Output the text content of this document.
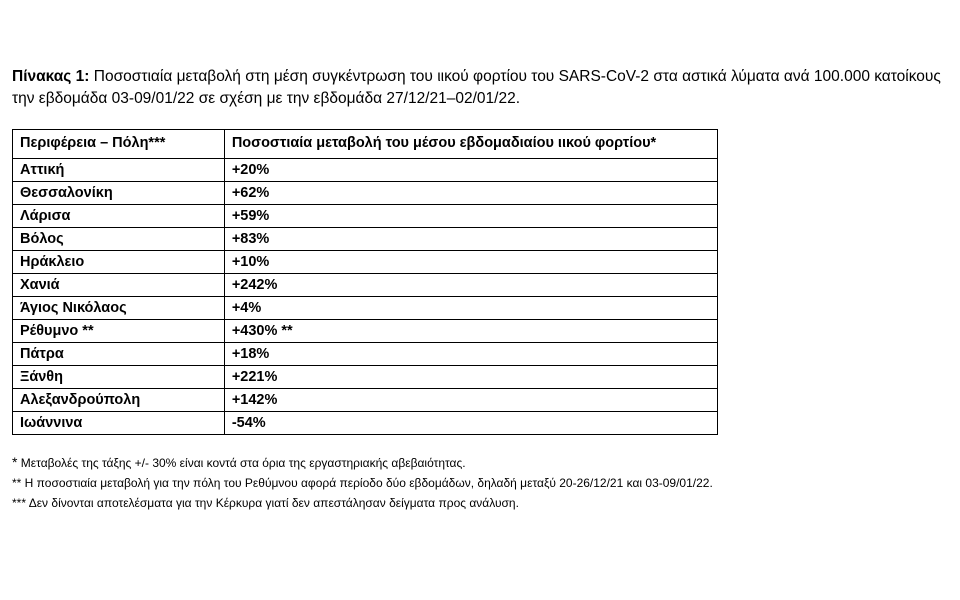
Πίνακας 1: Ποσοστιαία μεταβολή στη μέση συγκέντρωση του ιικού φορτίου του SARS-CoV-2 στα αστικά λύματα ανά 100.000 κατοίκους την εβδομάδα 03-09/01/22 σε σχέση με την εβδομάδα 27/12/21–02/01/22.
Περιφέρεια – Πόλη***	Ποσοστιαία μεταβολή του μέσου εβδομαδιαίου ιικού φορτίου*
Αττική	+20%
Θεσσαλονίκη	+62%
Λάρισα	+59%
Βόλος	+83%
Ηράκλειο	+10%
Χανιά	+242%
Άγιος Νικόλαος	+4%
Ρέθυμνο **	+430% **
Πάτρα	+18%
Ξάνθη	+221%
Αλεξανδρούπολη	+142%
Ιωάννινα	-54%
* Μεταβολές της τάξης +/- 30% είναι κοντά στα όρια της εργαστηριακής αβεβαιότητας.
** Η ποσοστιαία μεταβολή για την πόλη του Ρεθύμνου αφορά περίοδο δύο εβδομάδων, δηλαδή μεταξύ 20-26/12/21 και 03-09/01/22.
*** Δεν δίνονται αποτελέσματα για την Κέρκυρα γιατί δεν απεστάλησαν δείγματα προς ανάλυση.
